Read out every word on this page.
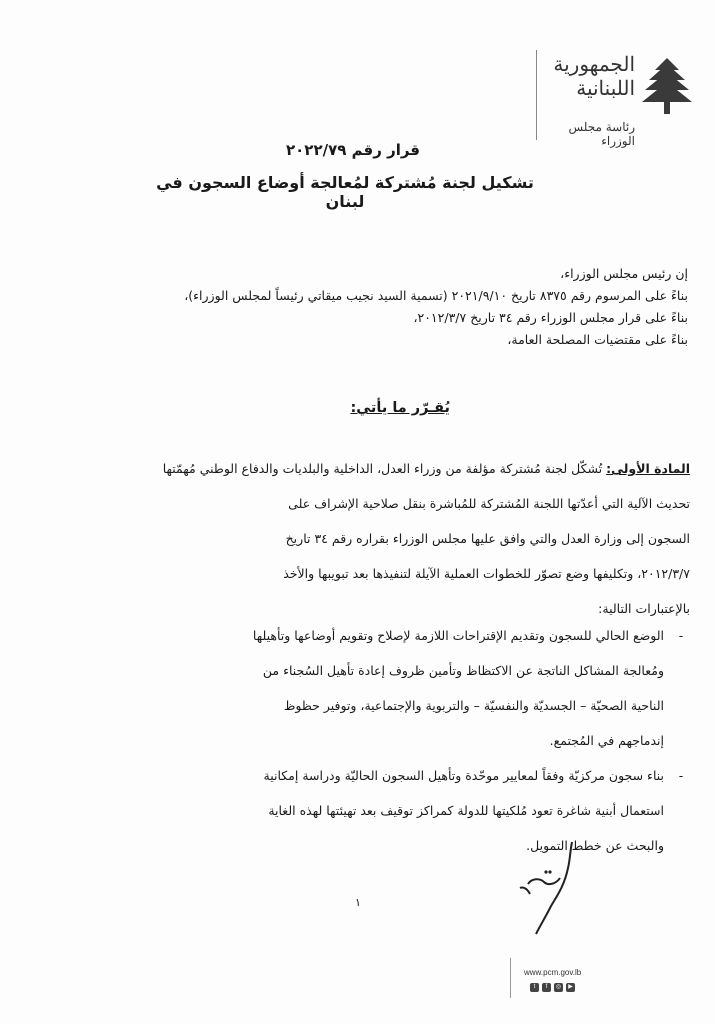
الجمهورية اللبنانية
رئاسة مجلس الوزراء
قرار رقم ٢٠٢٢/٧٩
تشكيل لجنة مُشتركة لمُعالجة أوضاع السجون في لبنان
إن رئيس مجلس الوزراء،
بناءً على المرسوم رقم ٨٣٧٥ تاريخ ٢٠٢١/٩/١٠ (تسمية السيد نجيب ميقاتي رئيساً لمجلس الوزراء)،
بناءً على قرار مجلس الوزراء رقم ٣٤ تاريخ ٢٠١٢/٣/٧،
بناءً على مقتضيات المصلحة العامة،
يُقـرّر ما يأتي:
المادة الأولى: تُشكّل لجنة مُشتركة مؤلفة من وزراء العدل، الداخلية والبلديات والدفاع الوطني مُهمّتها
تحديث الآلية التي أعدّتها اللجنة المُشتركة للمُباشرة بنقل صلاحية الإشراف على
السجون إلى وزارة العدل والتي وافق عليها مجلس الوزراء بقراره رقم ٣٤ تاريخ
٢٠١٢/٣/٧، وتكليفها وضع تصوّر للخطوات العملية الآيلة لتنفيذها بعد تبويبها والأخذ
بالإعتبارات التالية:
-
الوضع الحالي للسجون وتقديم الإقتراحات اللازمة لإصلاح وتقويم أوضاعها وتأهيلها
ومُعالجة المشاكل الناتجة عن الاكتظاظ وتأمين ظروف إعادة تأهيل السُجناء من
الناحية الصحيّة – الجسديّة والنفسيّة – والتربوية والإجتماعية، وتوفير حظوظ
إندماجهم في المُجتمع.
-
بناء سجون مركزيّة وفقاً لمعايير موحّدة وتأهيل السجون الحاليّة ودراسة إمكانية
استعمال أبنية شاغرة تعود مُلكيتها للدولة كمراكز توقيف بعد تهيئتها لهذه الغاية
والبحث عن خطط التمويل.
١
www.pcm.gov.lb
t	f	◎	▶
